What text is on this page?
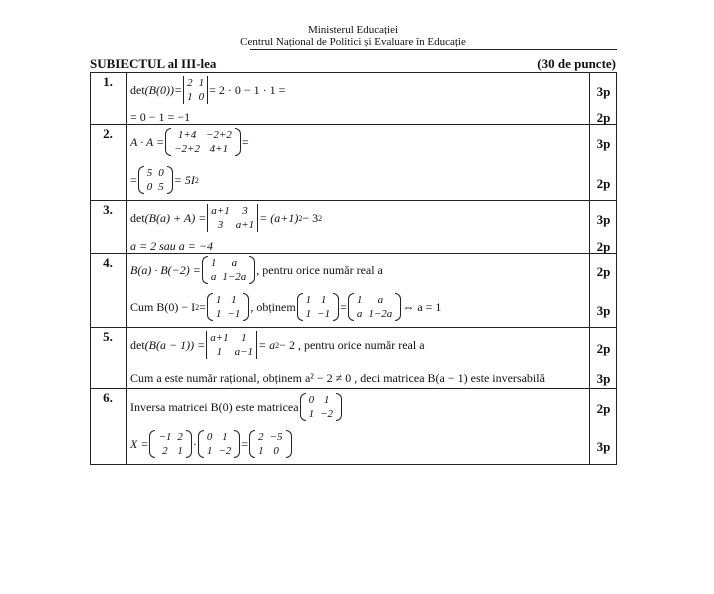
Ministerul Educației
Centrul Național de Politici și Evaluare în Educație
SUBIECTUL al III-lea	(30 de puncte)
1.
det (B(0))= 2	1
1	0
= 2 · 0 − 1 · 1 =	3p
= 0 − 1 = −1	2p
2.
A · A = 1+4	−2+2
−2+2	4+1
=	3p
= 5	0
0	5
= 5I 2	2p
3.
det (B(a) + A) = a+1	3
3	a+1
= (a+1) 2 − 3 2	3p
a = 2 sau a = −4	2p
4.	B(a) · B(−2) = 1	a
a	1−2a
, pentru orice număr real a	2p
Cum B(0) − I 2 = 1	1
1	−1
, obținem 1	1
1	−1
= 1	a
a	1−2a
⇔ a = 1	3p
5.
det (B(a − 1)) = a+1	1
1	a−1
= a 2 − 2 , pentru orice număr real a	2p
Cum a este număr rațional, obținem a² − 2 ≠ 0 , deci matricea B(a − 1) este inversabilă	3p
6.
Inversa matricei B(0) este matricea 0	1
1	−2	2p
X = −1	2
2	1
· 0	1
1	−2
= 2	−5
1	0	3p
